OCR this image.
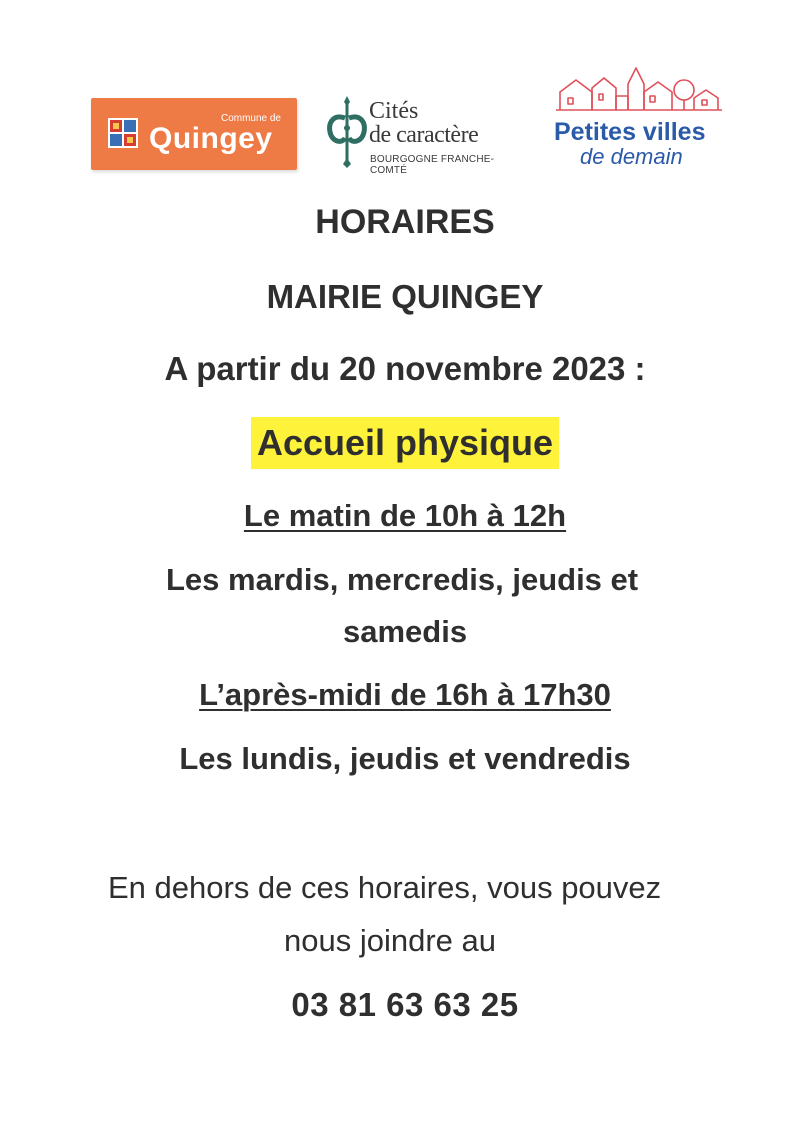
Commune de
Quingey
Cités
de caractère
BOURGOGNE FRANCHE-COMTÉ
Petites villes
de demain
HORAIRES
MAIRIE QUINGEY
A partir du 20 novembre 2023 :
Accueil physique
Le matin de 10h à 12h
Les mardis, mercredis, jeudis et
samedis
L’après-midi de 16h à 17h30
Les lundis, jeudis et vendredis
En dehors de ces horaires, vous pouvez
nous joindre au
03 81 63 63 25
